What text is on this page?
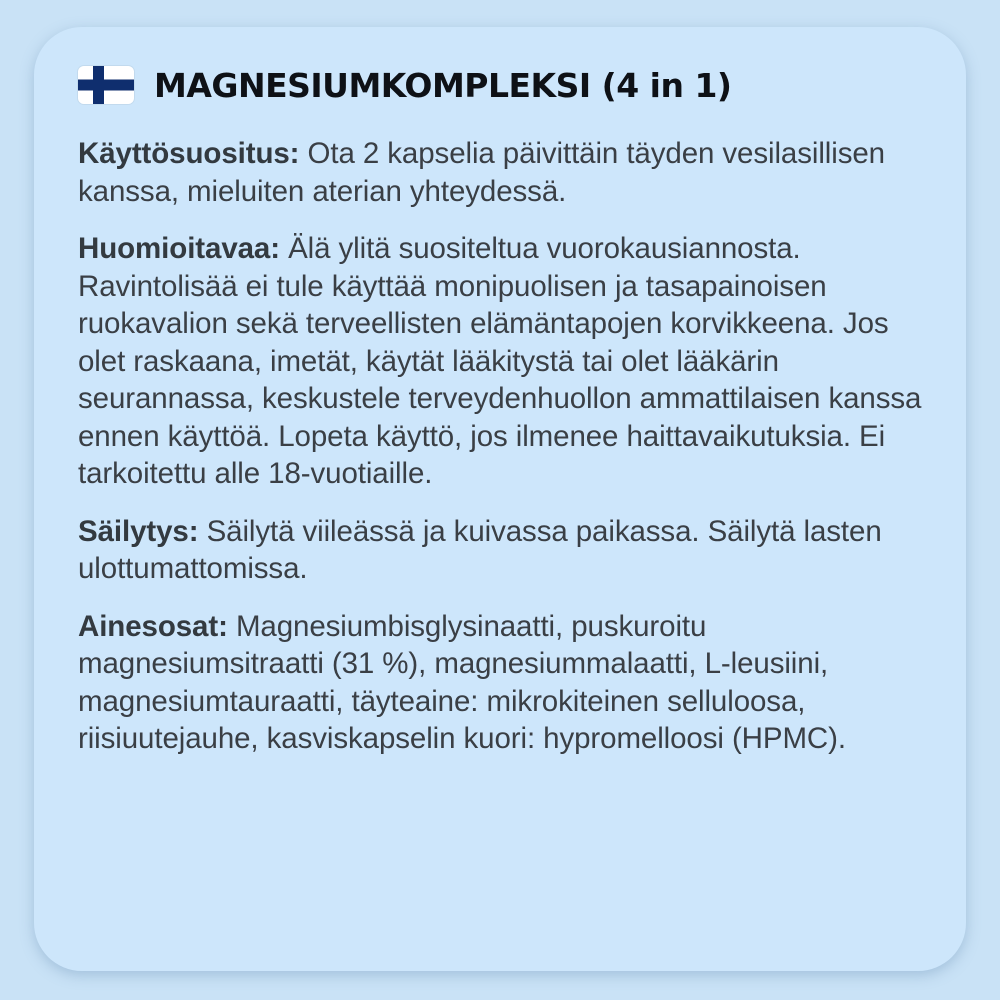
MAGNESIUMKOMPLEKSI (4 in 1)

Käyttösuositus: Ota 2 kapselia päivittäin täyden vesilasillisen kanssa, mieluiten aterian yhteydessä.

Huomioitavaa: Älä ylitä suositeltua vuorokausiannosta. Ravintolisää ei tule käyttää monipuolisen ja tasapainoisen ruokavalion sekä terveellisten elämäntapojen korvikkeena. Jos olet raskaana, imetät, käytät lääkitystä tai olet lääkärin seurannassa, keskustele terveydenhuollon ammattilaisen kanssa ennen käyttöä. Lopeta käyttö, jos ilmenee haittavaikutuksia. Ei tarkoitettu alle 18-vuotiaille.

Säilytys: Säilytä viileässä ja kuivassa paikassa. Säilytä lasten ulottumattomissa.

Ainesosat: Magnesiumbisglysinaatti, puskuroitu magnesiumsitraatti (31 %), magnesiummalaatti, L-leusiini, magnesiumtauraatti, täyteaine: mikrokiteinen selluloosa, riisiuutejauhe, kasviskapselin kuori: hypromelloosi (HPMC).
